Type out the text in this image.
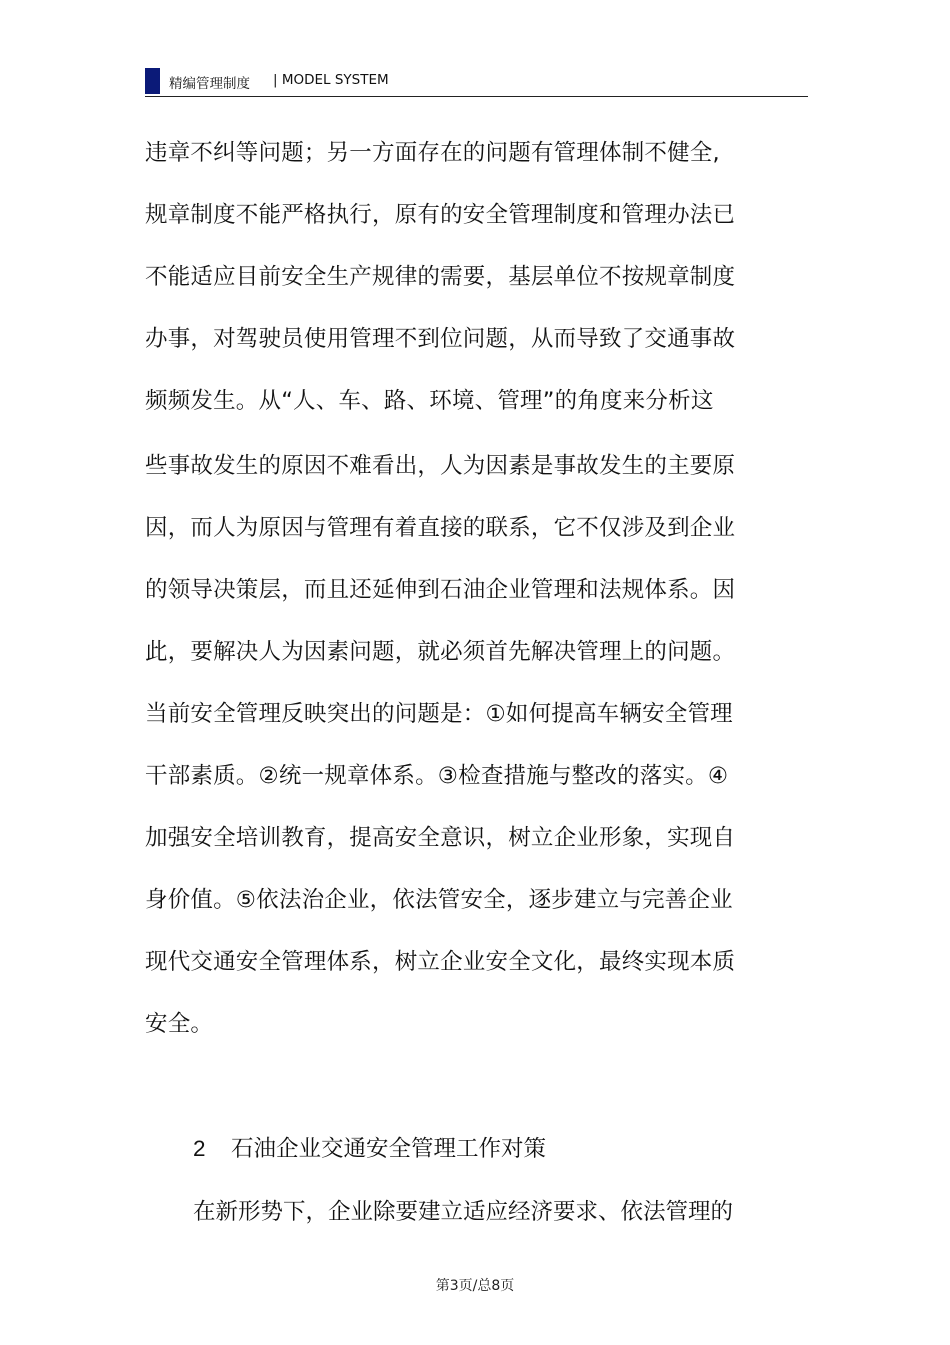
精编管理制度 | MODEL SYSTEM
违章不纠等问题；另一方面存在的问题有管理体制不健全,
规章制度不能严格执行，原有的安全管理制度和管理办法已
不能适应目前安全生产规律的需要，基层单位不按规章制度
办事，对驾驶员使用管理不到位问题，从而导致了交通事故
频频发生。从“人、车、路、环境、管理”的角度来分析这
些事故发生的原因不难看出，人为因素是事故发生的主要原
因，而人为原因与管理有着直接的联系，它不仅涉及到企业
的领导决策层，而且还延伸到石油企业管理和法规体系。因
此，要解决人为因素问题，就必须首先解决管理上的问题。
当前安全管理反映突出的问题是：①如何提高车辆安全管理
干部素质。②统一规章体系。③检查措施与整改的落实。④
加强安全培训教育，提高安全意识，树立企业形象，实现自
身价值。⑤依法治企业，依法管安全，逐步建立与完善企业
现代交通安全管理体系，树立企业安全文化，最终实现本质
安全。
2 石油企业交通安全管理工作对策
在新形势下，企业除要建立适应经济要求、依法管理的
第3页/总8页
